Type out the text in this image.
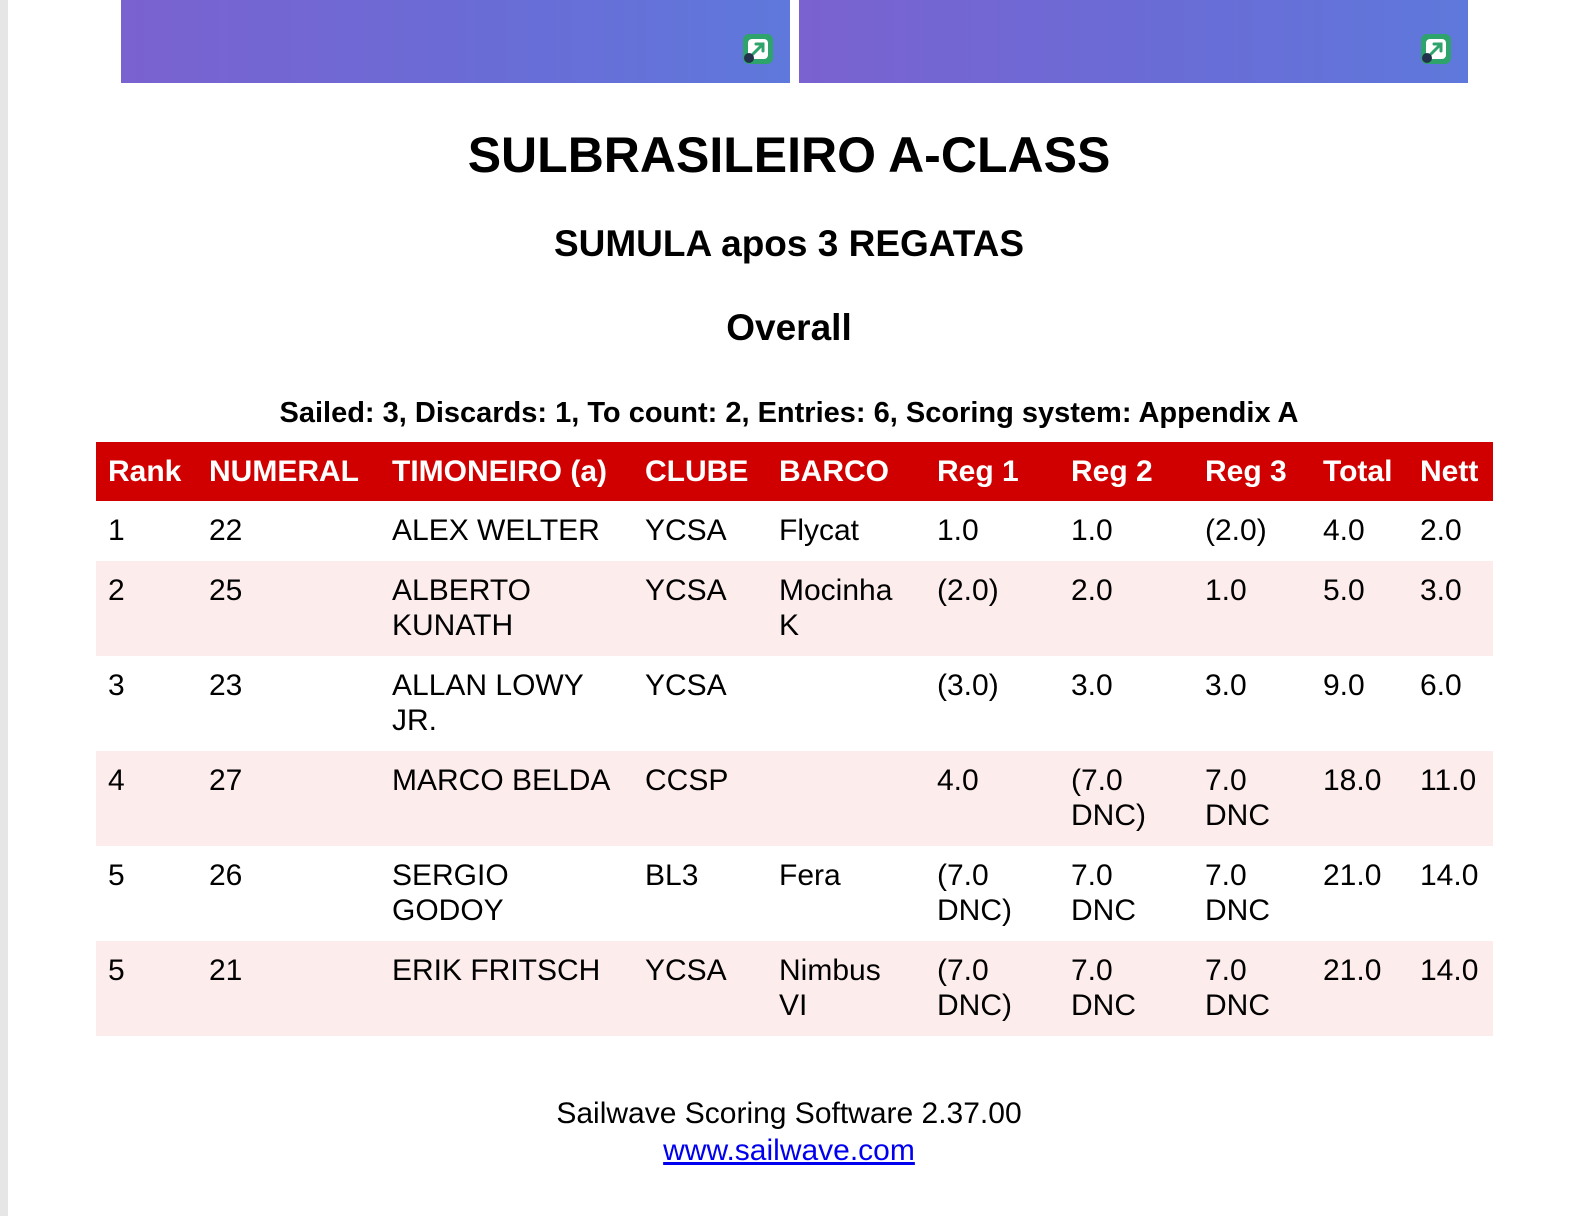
SULBRASILEIRO A-CLASS
SUMULA apos 3 REGATAS
Overall
Sailed: 3, Discards: 1, To count: 2, Entries: 6, Scoring system: Appendix A
Rank	NUMERAL	TIMONEIRO (a)	CLUBE	BARCO	Reg 1	Reg 2	Reg 3	Total	Nett
1	22	ALEX WELTER	YCSA	Flycat	1.0	1.0	(2.0)	4.0	2.0
2	25	ALBERTO KUNATH	YCSA	Mocinha K	(2.0)	2.0	1.0	5.0	3.0
3	23	ALLAN LOWY JR.	YCSA		(3.0)	3.0	3.0	9.0	6.0
4	27	MARCO BELDA	CCSP		4.0	(7.0 DNC)	7.0 DNC	18.0	11.0
5	26	SERGIO GODOY	BL3	Fera	(7.0 DNC)	7.0 DNC	7.0 DNC	21.0	14.0
5	21	ERIK FRITSCH	YCSA	Nimbus VI	(7.0 DNC)	7.0 DNC	7.0 DNC	21.0	14.0
Sailwave Scoring Software 2.37.00
www.sailwave.com
